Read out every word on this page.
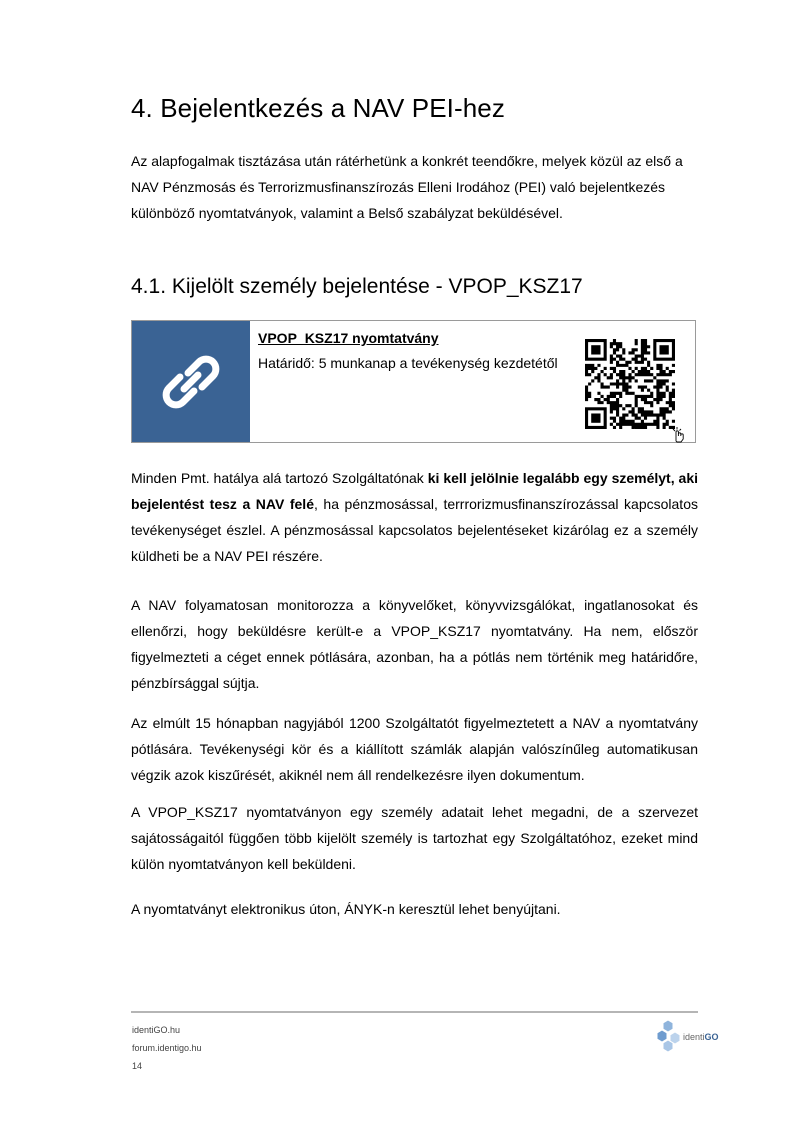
4. Bejelentkezés a NAV PEI-hez

Az alapfogalmak tisztázása után rátérhetünk a konkrét teendőkre, melyek közül az első a NAV Pénzmosás és Terrorizmusfinanszírozás Elleni Irodához (PEI) való bejelentkezés különböző nyomtatványok, valamint a Belső szabályzat beküldésével.

4.1. Kijelölt személy bejelentése - VPOP_KSZ17
VPOP_KSZ17 nyomtatvány
Határidő: 5 munkanap a tevékenység kezdetétől

Minden Pmt. hatálya alá tartozó Szolgáltatónak ki kell jelölnie legalább egy személyt, aki bejelentést tesz a NAV felé, ha pénzmosással, terrrorizmusfinanszírozással kapcsolatos tevékenységet észlel. A pénzmosással kapcsolatos bejelentéseket kizárólag ez a személy küldheti be a NAV PEI részére.

A NAV folyamatosan monitorozza a könyvelőket, könyvvizsgálókat, ingatlanosokat és ellenőrzi, hogy beküldésre került-e a VPOP_KSZ17 nyomtatvány. Ha nem, először figyelmezteti a céget ennek pótlására, azonban, ha a pótlás nem történik meg határidőre, pénzbírsággal sújtja.

Az elmúlt 15 hónapban nagyjából 1200 Szolgáltatót figyelmeztetett a NAV a nyomtatvány pótlására. Tevékenységi kör és a kiállított számlák alapján valószínűleg automatikusan végzik azok kiszűrését, akiknél nem áll rendelkezésre ilyen dokumentum.

A VPOP_KSZ17 nyomtatványon egy személy adatait lehet megadni, de a szervezet sajátosságaitól függően több kijelölt személy is tartozhat egy Szolgáltatóhoz, ezeket mind külön nyomtatványon kell beküldeni.

A nyomtatványt elektronikus úton, ÁNYK-n keresztül lehet benyújtani.

identiGO.hu
forum.identigo.hu
14
identiGO
